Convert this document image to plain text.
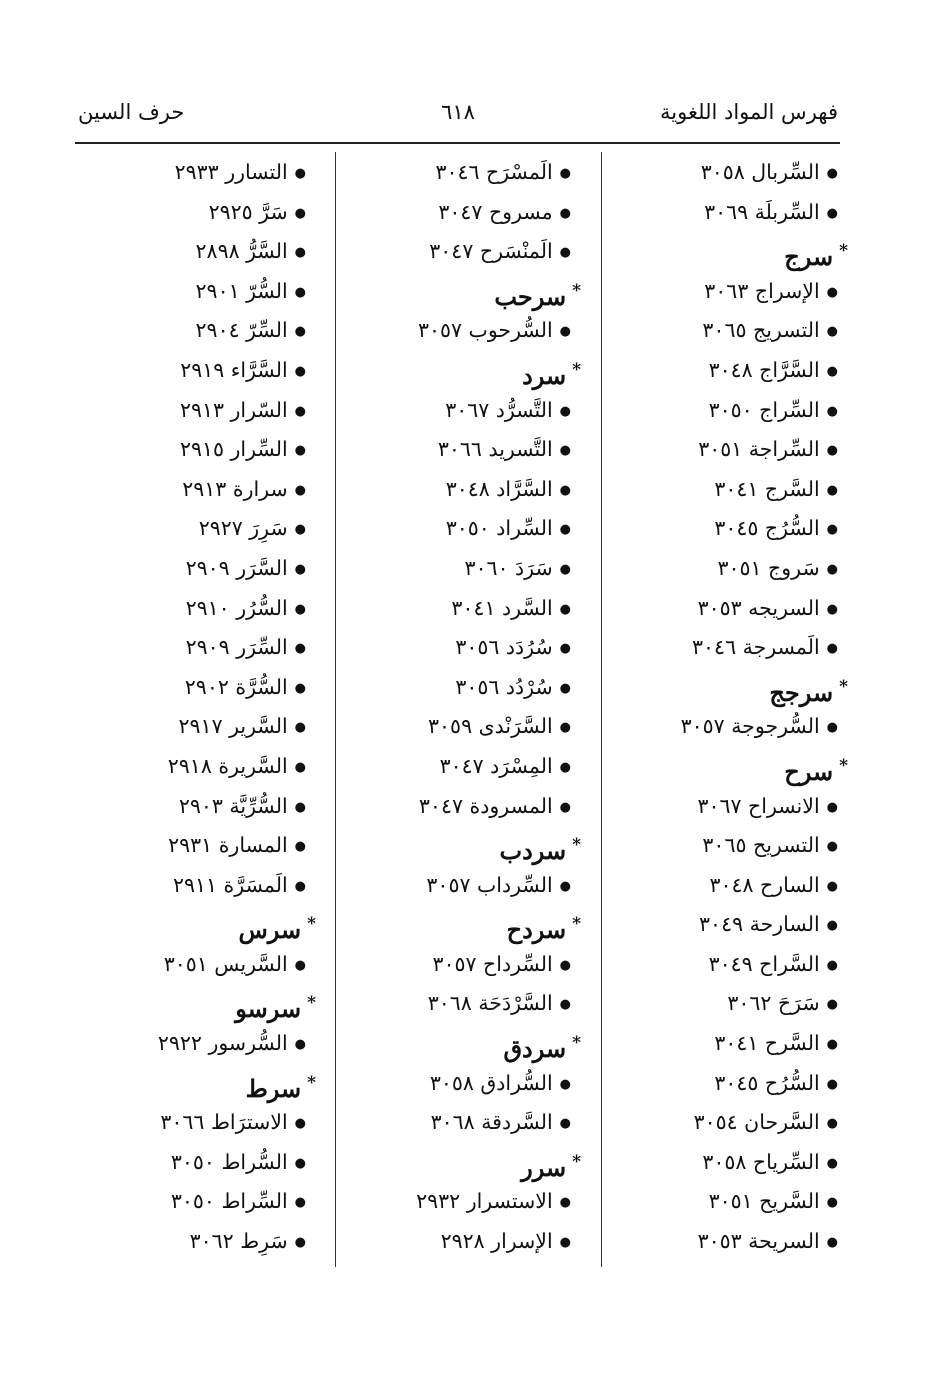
فهرس المواد اللغوية
٦١٨
حرف السين
●السِّربال ٣٠٥٨
●السِّربلَة ٣٠٦٩
*سرج
●الإسراج ٣٠٦٣
●التسريج ٣٠٦٥
●السَّرَّاج ٣٠٤٨
●السِّراج ٣٠٥٠
●السِّراجة ٣٠٥١
●السَّرج ٣٠٤١
●السُّرُج ٣٠٤٥
●سَروج ٣٠٥١
●السريجه ٣٠٥٣
●الَمسرجة ٣٠٤٦
*سرجج
●السُّرجوجة ٣٠٥٧
*سرح
●الانسراح ٣٠٦٧
●التسريح ٣٠٦٥
●السارح ٣٠٤٨
●السارحة ٣٠٤٩
●السَّراح ٣٠٤٩
●سَرَحَ ٣٠٦٢
●السَّرح ٣٠٤١
●السُّرُح ٣٠٤٥
●السَّرحان ٣٠٥٤
●السِّرياح ٣٠٥٨
●السَّريح ٣٠٥١
●السريحة ٣٠٥٣
●الَمسْرَح ٣٠٤٦
●مسروح ٣٠٤٧
●الَمنْسَرح ٣٠٤٧
*سرحب
●السُّرحوب ٣٠٥٧
*سرد
●التَّسرُّد ٣٠٦٧
●التَّسريد ٣٠٦٦
●السَّرَّاد ٣٠٤٨
●السِّراد ٣٠٥٠
●سَرَدَ ٣٠٦٠
●السَّرد ٣٠٤١
●سُرُدَد ٣٠٥٦
●سُرْدُد ٣٠٥٦
●السَّرَنْدى ٣٠٥٩
●المِسْرَد ٣٠٤٧
●المسرودة ٣٠٤٧
*سردب
●السِّرداب ٣٠٥٧
*سردح
●السِّرداح ٣٠٥٧
●السَّرْدَحَة ٣٠٦٨
*سردق
●السُّرادق ٣٠٥٨
●السَّردقة ٣٠٦٨
*سرر
●الاستسرار ٢٩٣٢
●الإسرار ٢٩٢٨
●التسارر ٢٩٣٣
●سَرَّ ٢٩٢٥
●السَّرُّ ٢٨٩٨
●السُّرّ ٢٩٠١
●السِّرّ ٢٩٠٤
●السَّرَّاء ٢٩١٩
●السّرار ٢٩١٣
●السِّرار ٢٩١٥
●سرارة ٢٩١٣
●سَرِرَ ٢٩٢٧
●السَّرَر ٢٩٠٩
●السُّرُر ٢٩١٠
●السِّرَر ٢٩٠٩
●السُّرَّة ٢٩٠٢
●السَّرير ٢٩١٧
●السَّريرة ٢٩١٨
●السُّرِّيَّة ٢٩٠٣
●المسارة ٢٩٣١
●الَمسَرَّة ٢٩١١
*سرس
●السَّريس ٣٠٥١
*سرسو
●السُّرسور ٢٩٢٢
*سرط
●الاسترَاط ٣٠٦٦
●السُّراط ٣٠٥٠
●السِّراط ٣٠٥٠
●سَرِط ٣٠٦٢
